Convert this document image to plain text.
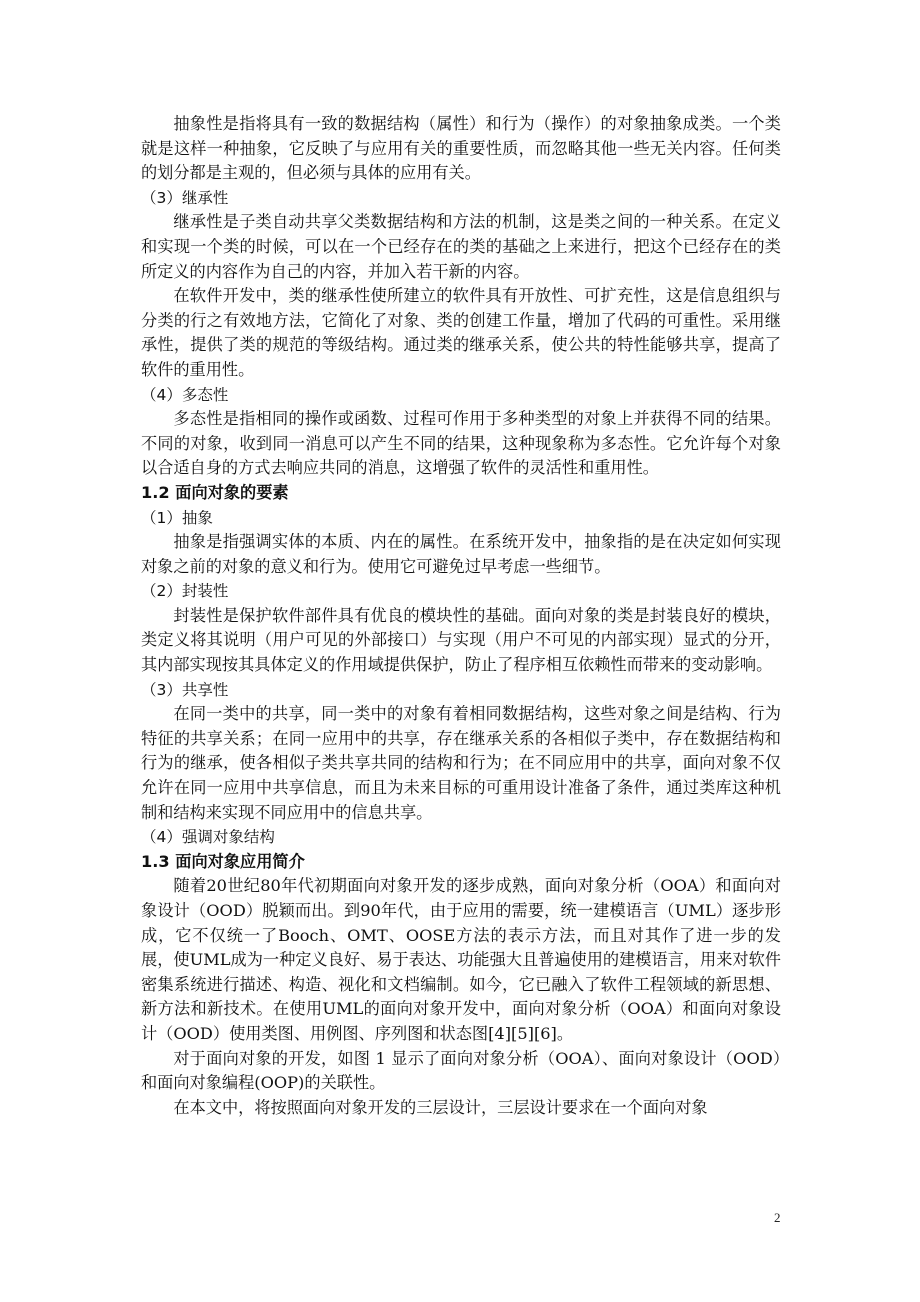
抽象性是指将具有一致的数据结构（属性）和行为（操作）的对象抽象成类。一个类就是这样一种抽象，它反映了与应用有关的重要性质，而忽略其他一些无关内容。任何类的划分都是主观的，但必须与具体的应用有关。

（3）继承性

继承性是子类自动共享父类数据结构和方法的机制，这是类之间的一种关系。在定义和实现一个类的时候，可以在一个已经存在的类的基础之上来进行，把这个已经存在的类所定义的内容作为自己的内容，并加入若干新的内容。

在软件开发中，类的继承性使所建立的软件具有开放性、可扩充性，这是信息组织与分类的行之有效地方法，它简化了对象、类的创建工作量，增加了代码的可重性。采用继承性，提供了类的规范的等级结构。通过类的继承关系，使公共的特性能够共享，提高了软件的重用性。

（4）多态性

多态性是指相同的操作或函数、过程可作用于多种类型的对象上并获得不同的结果。不同的对象，收到同一消息可以产生不同的结果，这种现象称为多态性。它允许每个对象以合适自身的方式去响应共同的消息，这增强了软件的灵活性和重用性。

1.2 面向对象的要素
（1）抽象

抽象是指强调实体的本质、内在的属性。在系统开发中，抽象指的是在决定如何实现对象之前的对象的意义和行为。使用它可避免过早考虑一些细节。

（2）封装性

封装性是保护软件部件具有优良的模块性的基础。面向对象的类是封装良好的模块，类定义将其说明（用户可见的外部接口）与实现（用户不可见的内部实现）显式的分开，其内部实现按其具体定义的作用域提供保护，防止了程序相互依赖性而带来的变动影响。

（3）共享性

在同一类中的共享，同一类中的对象有着相同数据结构，这些对象之间是结构、行为特征的共享关系；在同一应用中的共享，存在继承关系的各相似子类中，存在数据结构和行为的继承，使各相似子类共享共同的结构和行为；在不同应用中的共享，面向对象不仅允许在同一应用中共享信息，而且为未来目标的可重用设计准备了条件，通过类库这种机制和结构来实现不同应用中的信息共享。

（4）强调对象结构
1.3 面向对象应用简介

随着20世纪80年代初期面向对象开发的逐步成熟，面向对象分析（OOA）和面向对象设计（OOD）脱颖而出。到90年代，由于应用的需要，统一建模语言（UML）逐步形成，它不仅统一了Booch、OMT、OOSE方法的表示方法，而且对其作了进一步的发展，使UML成为一种定义良好、易于表达、功能强大且普遍使用的建模语言，用来对软件密集系统进行描述、构造、视化和文档编制。如今，它已融入了软件工程领域的新思想、新方法和新技术。在使用UML的面向对象开发中，面向对象分析（OOA）和面向对象设计（OOD）使用类图、用例图、序列图和状态图[4][5][6]。

对于面向对象的开发，如图 1 显示了面向对象分析（OOA）、面向对象设计（OOD）和面向对象编程(OOP)的关联性。

在本文中，将按照面向对象开发的三层设计，三层设计要求在一个面向对象

2
